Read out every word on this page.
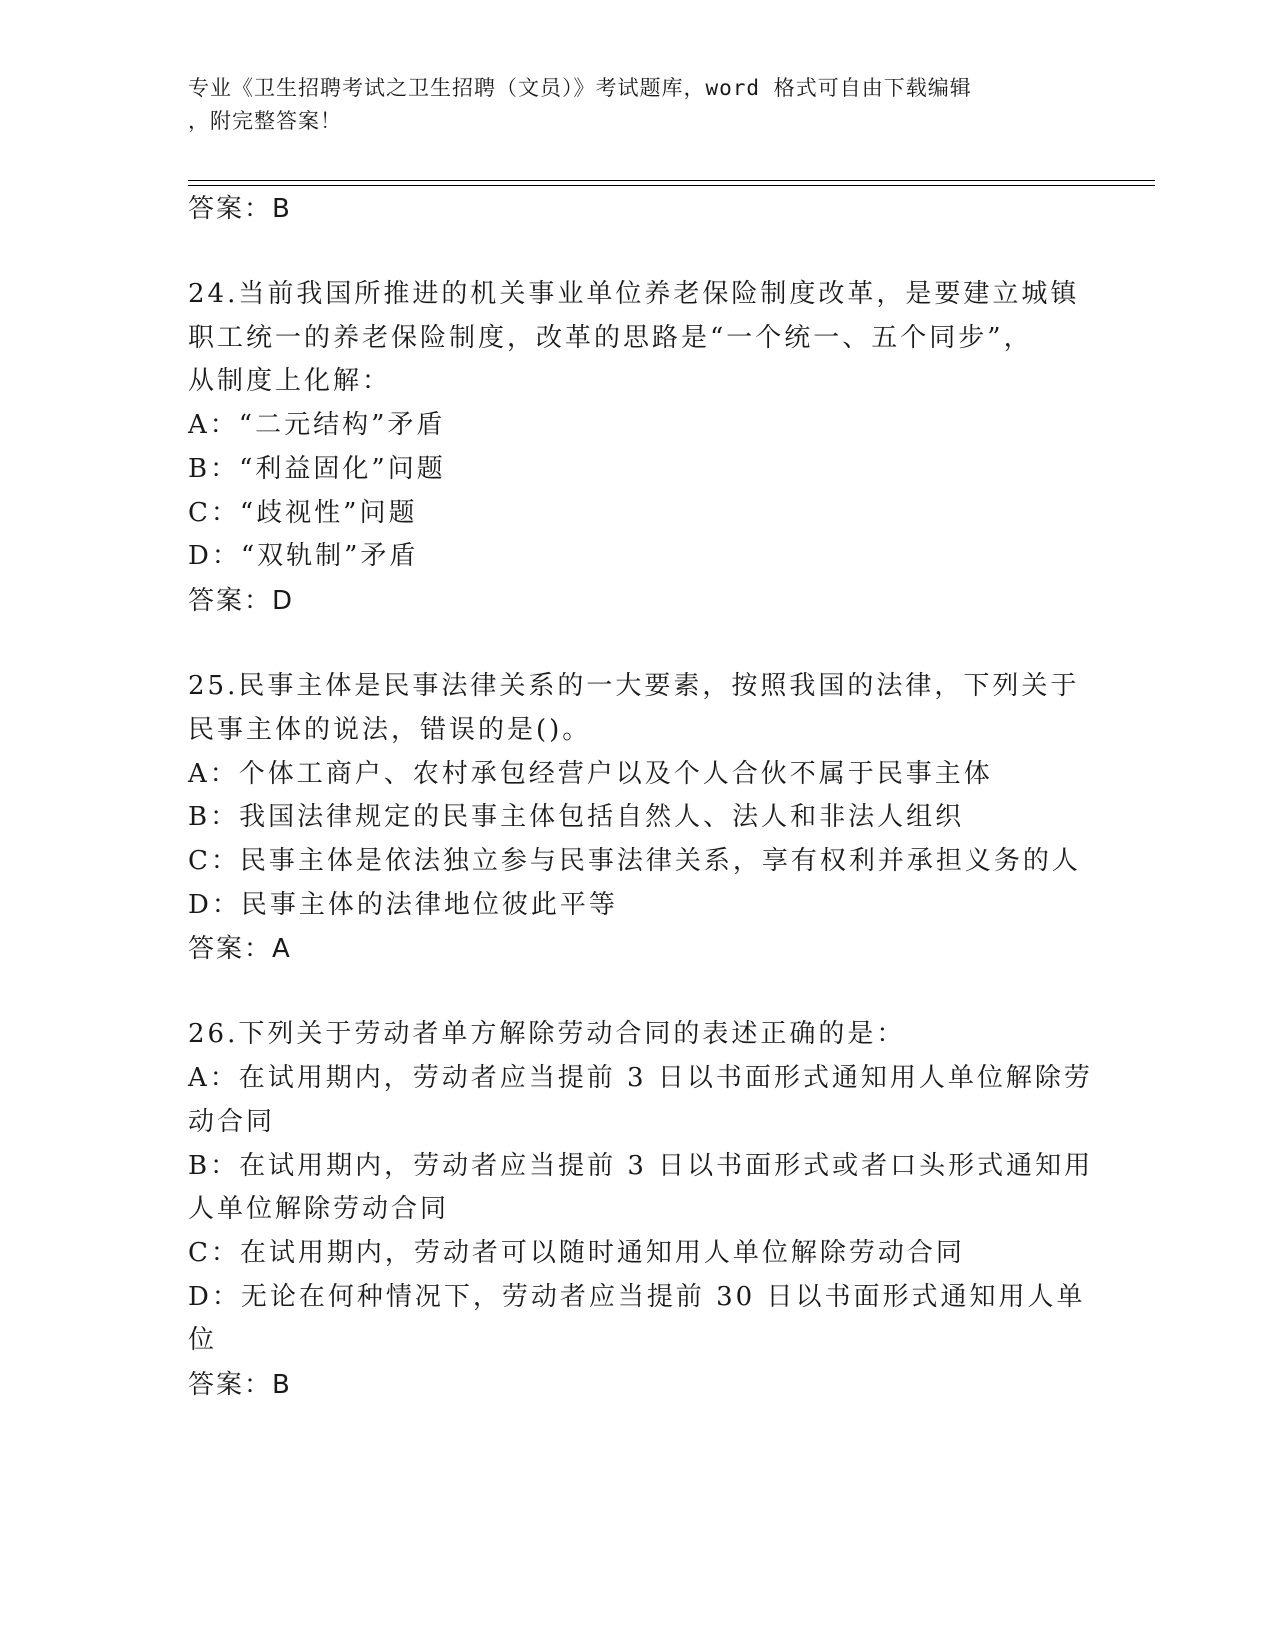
专业《卫生招聘考试之卫生招聘（文员）》考试题库，word 格式可自由下载编辑
，附完整答案！
答案：B
24.当前我国所推进的机关事业单位养老保险制度改革，是要建立城镇
职工统一的养老保险制度，改革的思路是“一个统一、五个同步”，
从制度上化解：
A：“二元结构”矛盾
B：“利益固化”问题
C：“歧视性”问题
D：“双轨制”矛盾
答案：D
25.民事主体是民事法律关系的一大要素，按照我国的法律，下列关于
民事主体的说法，错误的是()。
A：个体工商户、农村承包经营户以及个人合伙不属于民事主体
B：我国法律规定的民事主体包括自然人、法人和非法人组织
C：民事主体是依法独立参与民事法律关系，享有权利并承担义务的人
D：民事主体的法律地位彼此平等
答案：A
26.下列关于劳动者单方解除劳动合同的表述正确的是：
A：在试用期内，劳动者应当提前 3 日以书面形式通知用人单位解除劳
动合同
B：在试用期内，劳动者应当提前 3 日以书面形式或者口头形式通知用
人单位解除劳动合同
C：在试用期内，劳动者可以随时通知用人单位解除劳动合同
D：无论在何种情况下，劳动者应当提前 30 日以书面形式通知用人单
位
答案：B
